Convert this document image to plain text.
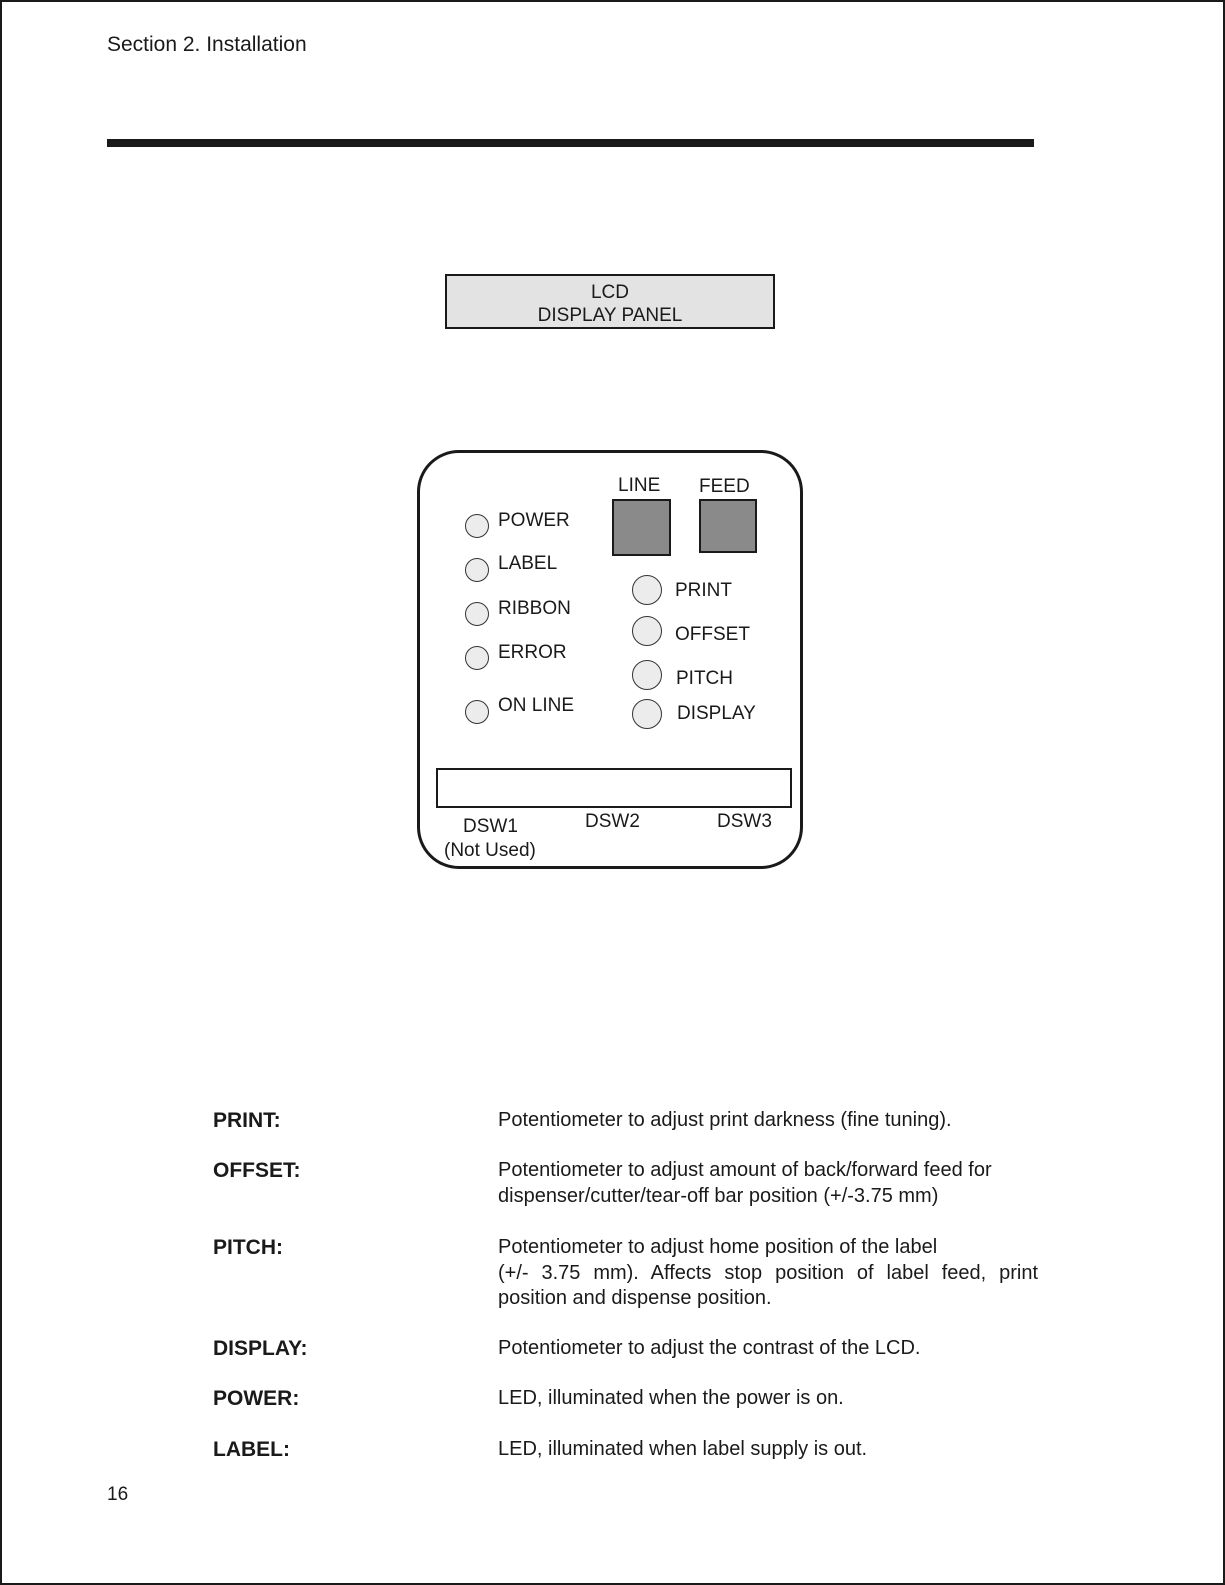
Section 2. Installation
LCD
DISPLAY PANEL
POWER
LABEL
RIBBON
ERROR
ON LINE
LINE FEED
PRINT
OFFSET
PITCH
DISPLAY
DSW1
(Not Used)
DSW2	DSW3
PRINT:	Potentiometer to adjust print darkness (fine tuning).
OFFSET:	Potentiometer to adjust amount of back/forward feed for
dispenser/cutter/tear-off bar position (+/-3.75 mm)
PITCH:	Potentiometer to adjust home position of the label
(+/- 3.75 mm). Affects stop position of label feed, print
position and dispense position.
DISPLAY:	Potentiometer to adjust the contrast of the LCD.
POWER:	LED, illuminated when the power is on.
LABEL:	LED, illuminated when label supply is out.
16
